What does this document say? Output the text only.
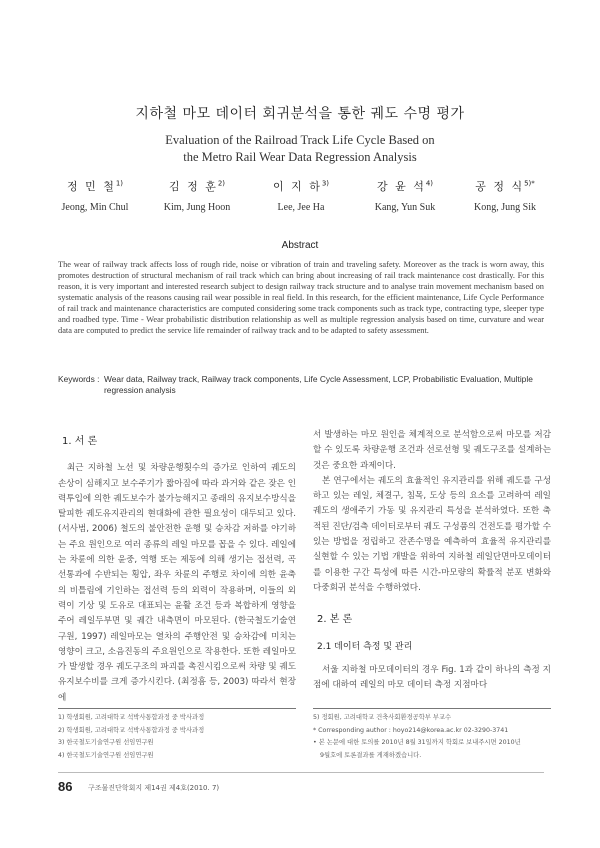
지하철 마모 데이터 회귀분석을 통한 궤도 수명 평가
Evaluation of the Railroad Track Life Cycle Based on
the Metro Rail Wear Data Regression Analysis
정 민 철$^{1)}$
Jeong, Min Chul
김 정 훈$^{2)}$
Kim, Jung Hoon
이 지 하$^{3)}$
Lee, Jee Ha
강 윤 석$^{4)}$
Kang, Yun Suk
공 정 식$^{5)*}$
Kong, Jung Sik
Abstract
The wear of railway track affects loss of rough ride, noise or vibration of train and traveling safety. Moreover as the track is worn away, this promotes destruction of structural mechanism of rail track which can bring about increasing of rail track maintenance cost drastically. For this reason, it is very important and interested research subject to design railway track structure and to analyse train movement mechanism based on systematic analysis of the reasons causing rail wear possible in real field. In this research, for the efficient maintenance, Life Cycle Performance of rail track and maintenance characteristics are computed considering some track components such as track type, contracting type, sleeper type and roadbed type. Time - Wear probabilistic distribution relationship as well as multiple regression analysis based on time, curvature and wear data are computed to predict the service life remainder of railway track and to be adapted to safety assessment.
Keywords : Wear data, Railway track, Railway track components, Life Cycle Assessment, LCP, Probabilistic Evaluation, Multiple regression analysis
1. 서 론

최근 지하철 노선 및 차량운행횟수의 증가로 인하여 궤도의 손상이 심해지고 보수주기가 짧아짐에 따라 과거와 같은 잦은 인력투입에 의한 궤도보수가 불가능해지고 종래의 유지보수방식을 탈피한 궤도유지관리의 현대화에 관한 필요성이 대두되고 있다. (서사범, 2006) 철도의 불안전한 운행 및 승차감 저하를 야기하는 주요 원인으로 여러 종류의 레일 마모를 꼽을 수 있다. 레일에는 차륜에 의한 윤중, 역행 또는 제동에 의해 생기는 접선력, 곡선통과에 수반되는 횡압, 좌우 차륜의 주행로 차이에 의한 윤축의 비틀림에 기인하는 접선력 등의 외력이 작용하며, 이들의 외력이 기상 및 도유로 대표되는 윤활 조건 등과 복합하게 영향을 주어 레일두부면 및 궤간 내측면이 마모된다. (한국철도기술연구원, 1997) 레일마모는 열차의 주행안전 및 승차감에 미치는 영향이 크고, 소음진동의 주요원인으로 작용한다. 또한 레일마모가 발생할 경우 궤도구조의 파괴를 촉진시킴으로써 차량 및 궤도유지보수비를 크게 증가시킨다. (최정흠 등, 2003) 따라서 현장에

서 발생하는 마모 원인을 체계적으로 분석함으로써 마모를 저감할 수 있도록 차량운행 조건과 선로선형 및 궤도구조를 설계하는 것은 중요한 과제이다.

본 연구에서는 궤도의 효율적인 유지관리를 위해 궤도를 구성하고 있는 레일, 체결구, 침목, 도상 등의 요소를 고려하여 레일 궤도의 생애주기 가동 및 유지관리 특성을 분석하였다. 또한 축적된 진단/검측 데이터로부터 궤도 구성품의 건전도를 평가할 수 있는 방법을 정립하고 잔존수명을 예측하여 효율적 유지관리를 실현할 수 있는 기법 개발을 위하여 지하철 레일단면마모데이터를 이용한 구간 특성에 따른 시간-마모량의 확률적 분포 변화와 다중회귀 분석을 수행하였다.

2. 본 론
2.1 데이터 측정 및 관리

서울 지하철 마모데이터의 경우 Fig. 1과 같이 하나의 측정 지점에 대하여 레일의 마모 데이터 측정 지점마다

1) 학생회원, 고려대학교 석박사통합과정 중 박사과정
2) 학생회원, 고려대학교 석박사통합과정 중 박사과정
3) 한국철도기술연구원 선임연구원
4) 한국철도기술연구원 선임연구원
5) 정회원, 고려대학교 건축사회환경공학부 부교수
* Corresponding author : hoyo214@korea.ac.kr 02-3290-3741
• 본 논문에 대한 토의를 2010년 8월 31일까지 학회로 보내주시면 2010년
9월호에 토론결과를 게재하겠습니다.
86 구조물진단학회지 제14권 제4호(2010. 7)
